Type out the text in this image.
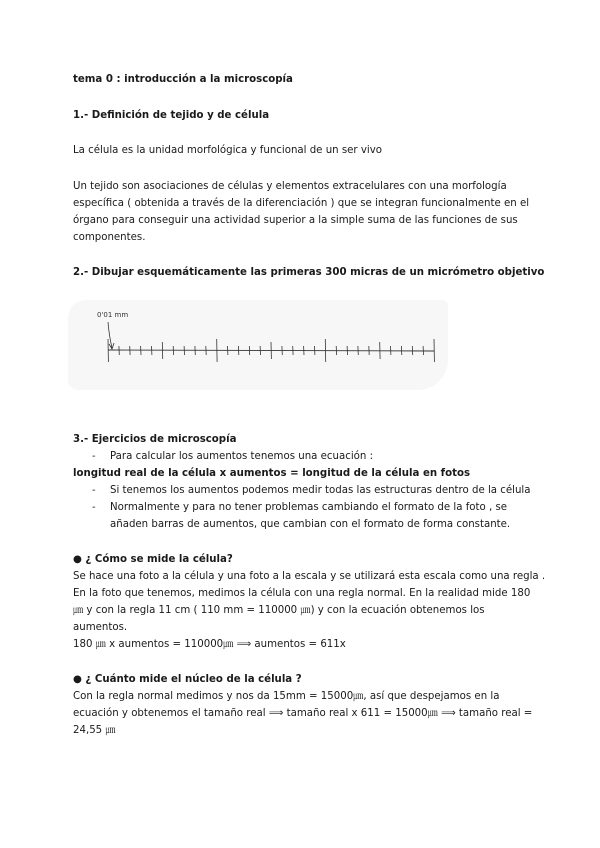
tema 0 : introducción a la microscopía
1.- Definición de tejido y de célula
La célula es la unidad morfológica y funcional de un ser vivo
Un tejido son asociaciones de células y elementos extracelulares con una morfología
específica ( obtenida a través de la diferenciación ) que se integran funcionalmente en el
órgano para conseguir una actividad superior a la simple suma de las funciones de sus
componentes.
2.- Dibujar esquemáticamente las primeras 300 micras de un micrómetro objetivo
0'01 mm
3.- Ejercicios de microscopía
- Para calcular los aumentos tenemos una ecuación :
longitud real de la célula x aumentos = longitud de la célula en fotos
- Si tenemos los aumentos podemos medir todas las estructuras dentro de la célula
- Normalmente y para no tener problemas cambiando el formato de la foto , se
añaden barras de aumentos, que cambian con el formato de forma constante.
● ¿ Cómo se mide la célula?
Se hace una foto a la célula y una foto a la escala y se utilizará esta escala como una regla .
En la foto que tenemos, medimos la célula con una regla normal. En la realidad mide 180
㎛ y con la regla 11 cm ( 110 mm = 110000 ㎛) y con la ecuación obtenemos los
aumentos.
180 ㎛ x aumentos = 110000㎛ ⟹ aumentos = 611x
● ¿ Cuánto mide el núcleo de la célula ?
Con la regla normal medimos y nos da 15mm = 15000㎛, así que despejamos en la
ecuación y obtenemos el tamaño real ⟹ tamaño real x 611 = 15000㎛ ⟹ tamaño real =
24,55 ㎛
